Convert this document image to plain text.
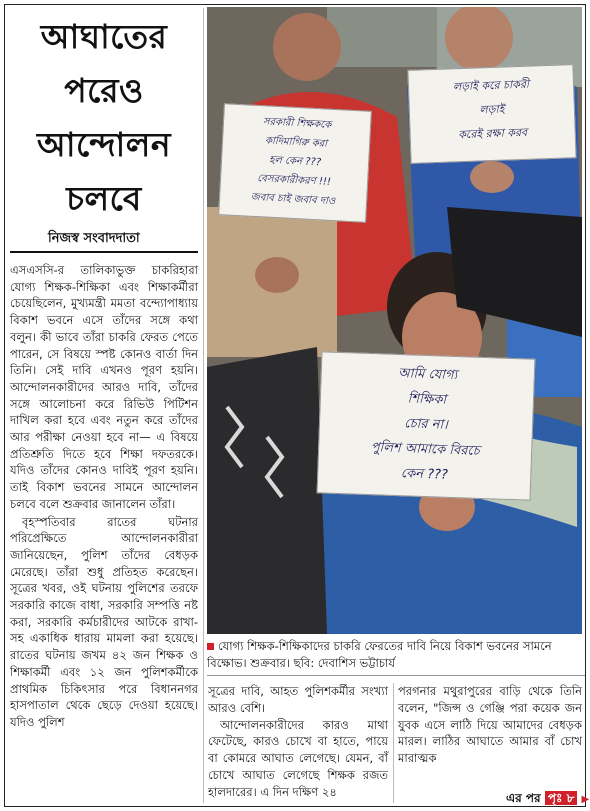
আঘাতের
পরেও
আন্দোলন
চলবে
নিজস্ব সংবাদদাতা

এসএসসি-র তালিকাভুক্ত চাকরিহারা যোগ্য শিক্ষক-শিক্ষিকা এবং শিক্ষাকর্মীরা চেয়েছিলেন, মুখ্যমন্ত্রী মমতা বন্দ্যোপাধ্যায় বিকাশ ভবনে এসে তাঁদের সঙ্গে কথা বলুন। কী ভাবে তাঁরা চাকরি ফেরত পেতে পারেন, সে বিষয়ে স্পষ্ট কোনও বার্তা দিন তিনি। সেই দাবি এখনও পূরণ হয়নি। আন্দোলনকারীদের আরও দাবি, তাঁদের সঙ্গে আলোচনা করে রিভিউ পিটিশন দাখিল করা হবে এবং নতুন করে তাঁদের আর পরীক্ষা নেওয়া হবে না— এ বিষয়ে প্রতিশ্রুতি দিতে হবে শিক্ষা দফতরকে। যদিও তাঁদের কোনও দাবিই পূরণ হয়নি। তাই বিকাশ ভবনের সামনে আন্দোলন চলবে বলে শুক্রবার জানালেন তাঁরা।

বৃহস্পতিবার রাতের ঘটনার পরিপ্রেক্ষিতে আন্দোলনকারীরা জানিয়েছেন, পুলিশ তাঁদের বেধড়ক মেরেছে। তাঁরা শুধু প্রতিহত করেছেন। সূত্রের খবর, ওই ঘটনায় পুলিশের তরফে সরকারি কাজে বাধা, সরকারি সম্পত্তি নষ্ট করা, সরকারি কর্মচারীদের আটকে রাখা-সহ একাধিক ধারায় মামলা করা হয়েছে। রাতের ঘটনায় জখম ৪২ জন শিক্ষক ও শিক্ষাকর্মী এবং ১২ জন পুলিশকর্মীকে প্রাথমিক চিকিৎসার পরে বিধাননগর হাসপাতাল থেকে ছেড়ে দেওয়া হয়েছে। যদিও পুলিশ

সরকারী শিক্ষককে
কাদিমাগিরু করা
হল কেন ???
বেসরকারীকরণ !!!
জবাব চাই জবাব দাও
লড়াই করে চাকরী
লড়াই
করেই রক্ষা করব
আমি যোগ্য
শিক্ষিকা
চোর না।
পুলিশ আমাকে বিরচে
কেন ???
যোগ্য শিক্ষক-শিক্ষিকাদের চাকরি ফেরতের দাবি নিয়ে বিকাশ ভবনের সামনে বিক্ষোভ। শুক্রবার। ছবি: দেবাশিস ভট্টাচার্য

সূত্রের দাবি, আহত পুলিশকর্মীর সংখ্যা আরও বেশি।

আন্দোলনকারীদের কারও মাথা ফেটেছে, কারও চোখে বা হাতে, পায়ে বা কোমরে আঘাত লেগেছে। যেমন, বাঁ চোখে আঘাত লেগেছে শিক্ষক রজত হালদারের। এ দিন দক্ষিণ ২৪

পরগনার মথুরাপুরের বাড়ি থেকে তিনি বলেন, "জিন্স ও গেঞ্জি পরা কয়েক জন যুবক এসে লাঠি দিয়ে আমাদের বেধড়ক মারল। লাঠির আঘাতে আমার বাঁ চোখ মারাত্মক

এর পর পৃঃ ৮ ▶
